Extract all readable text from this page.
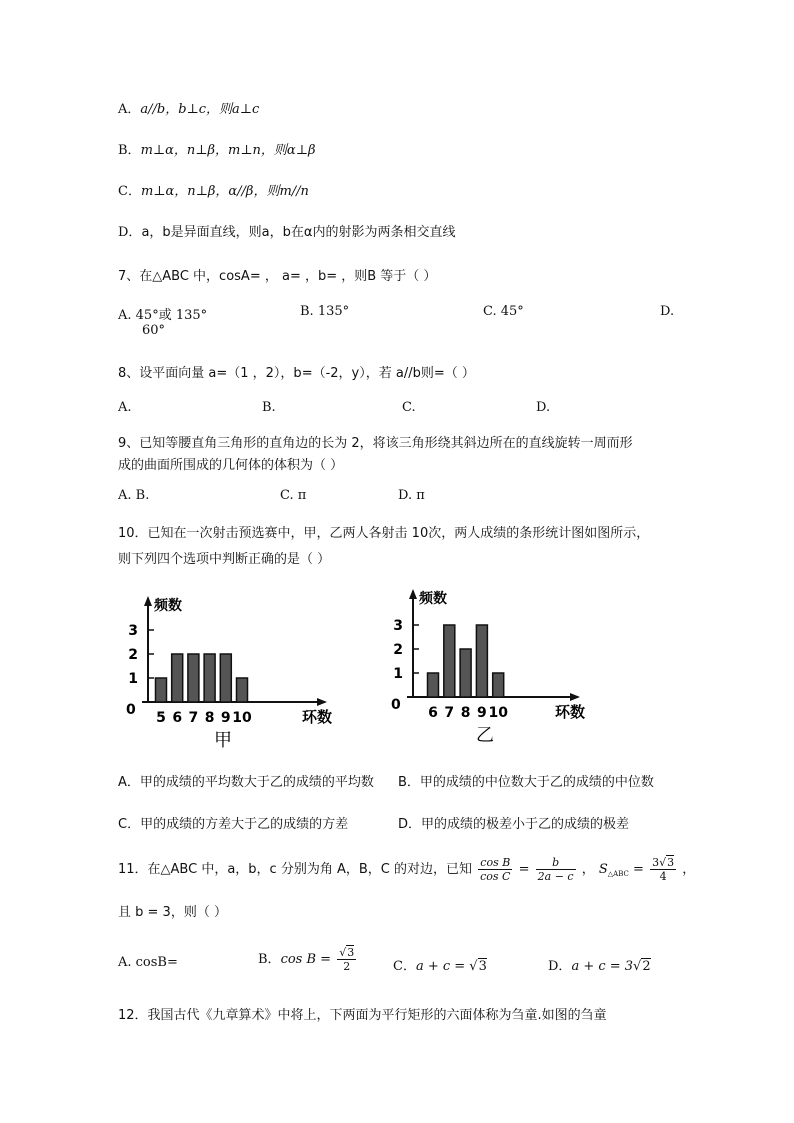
A．a//b，b⊥c，则a⊥c
B．m⊥α，n⊥β，m⊥n，则α⊥β
C．m⊥α，n⊥β，α//β，则m//n
D．a，b是异面直线，则a，b在α内的射影为两条相交直线
7、在△ABC 中，cosA= ， a= ，b= ，则B 等于（ ）
A. 45°或 135°	B. 135°	C. 45°	D.
60°
8、设平面向量 a=（1 ，2），b=（-2，y），若 a//b则=（ ）
A.	B.	C.	D.
9、已知等腰直角三角形的直角边的长为 2，将该三角形绕其斜边所在的直线旋转一周而形
成的曲面所围成的几何体的体积为（ ）
A. B.	C. π	D. π
10．已知在一次射击预选赛中，甲，乙两人各射击 10次，两人成绩的条形统计图如图所示，
则下列四个选项中判断正确的是（ ）
频数
1
2
3
0 5 6 7 8 9 10	环数
甲
频数
1
2
3
0 6 7 8 9 10	环数
乙
A．甲的成绩的平均数大于乙的成绩的平均数 B．甲的成绩的中位数大于乙的成绩的中位数
C．甲的成绩的方差大于乙的成绩的方差	D．甲的成绩的极差小于乙的成绩的极差
11．在△ABC 中，a，b，c 分别为角 A，B，C 的对边，已知 $\frac{\text{cos B}}{\text{cos C}} = \frac{b}{2a - c}$ ， $S_{\triangle ABC} = \frac{3√3}{4}$ ，
且 b = 3，则（ ）
A. cosB=	B．$\cos B = \frac{√3}{2}$	C．a + c = √3	D．a + c = 3√2
12．我国古代《九章算术》中将上，下两面为平行矩形的六面体称为刍童.如图的刍童
